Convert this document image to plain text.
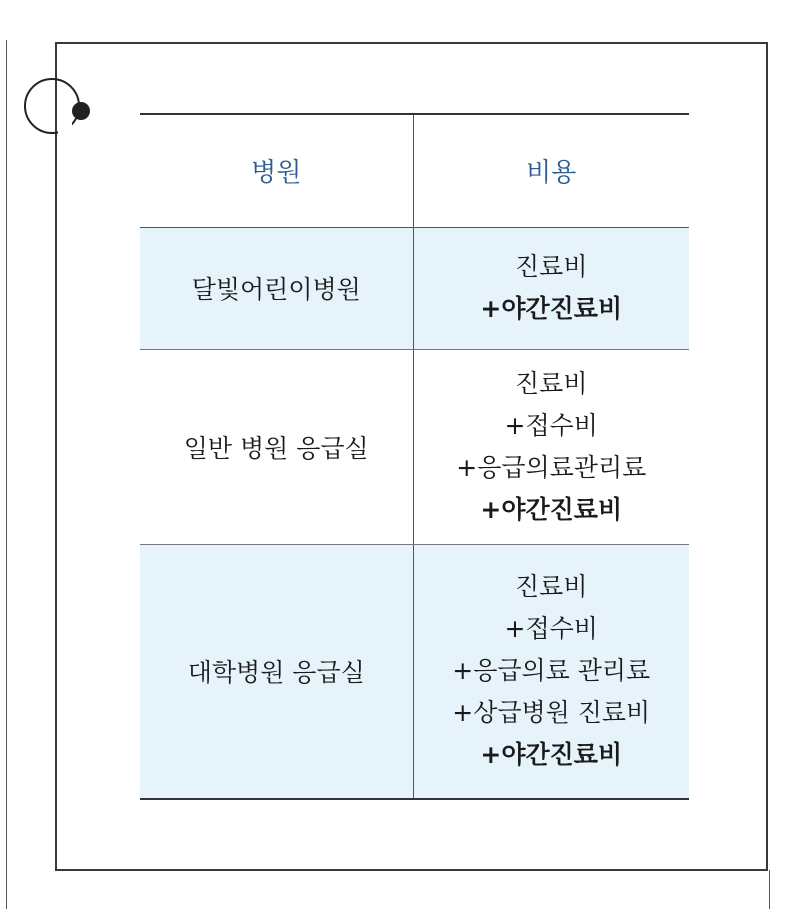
병원	비용
달빛어린이병원	진료비
+야간진료비

일반 병원 응급실	진료비
+접수비
+응급의료관리료
+야간진료비

대학병원 응급실	진료비
+접수비
+응급의료 관리료
+상급병원 진료비
+야간진료비
